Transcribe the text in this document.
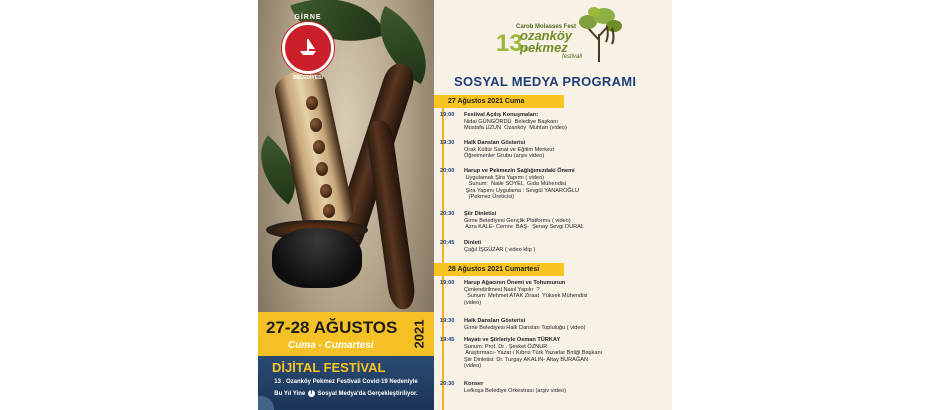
GİRNE
BELEDİYESİ
27-28 AĞUSTOS
Cuma - Cumartesi	2021
DİJİTAL FESTİVAL
13 . Ozanköy Pekmez Festivali Covid-19 Nedeniyle
Bu Yıl Yine f Sosyal Medya'da Gerçekleştiriliyor.
13.
Carob Molasses Fest
ozanköy
pekmez
festivali
SOSYAL MEDYA PROGRAMI
27 Ağustos 2021 Cuma
28 Ağustos 2021 Cumartesi
19:00	Festival Açılış Konuşmaları:
Nidai GÜNGÖRDÜ  Belediye Başkanı
Mustafa UZUN  Ozanköy  Muhtarı (video)
19:30	Halk Dansları Gösterisi
Orak Kültür Sanat ve Eğitim Merkezi
Öğretmenler Grubu (arşiv video)
20:00	Harup ve Pekmezin Sağlığımızdaki Önemi
Uygulamalı Şira Yapımı ( video)
Sunum:  Naile SOYEL  Gıda Mühendisi
Şira Yapımı Uygulama : Sevgül YANAROĞLU
(Pekmez Üreticisi)
20:30	Şiir Dinletisi
Girne Belediyesi Gençlik Platformu ( video)
Azra KALE- Cemre  BAŞ-  Şenay Sevgi DURAL
20:45	Dinleti
Çağıl İŞGÜZAR ( video klip )
19:00	Harup Ağacının Önemi ve Tohumunun
Çimlendirilmesi Nasıl Yapılır  ?
Sunum: Mehmet ATAK Ziraat  Yüksek Mühendisi
(video)
19:30	Halk Dansları Gösterisi
Girne Belediyesi Halk Dansları Topluluğu ( video)
19:45	Hayatı ve Şiirleriyle Osman TÜRKAY
Sunum: Prof. Dr . Şevket ÖZNUR
Araştırmacı- Yazar / Kıbrıs Türk Yazarlar Birliği Başkanı
Şiir Dinletisi: Dr. Turgay AKALIN- Altay BURAĞAN
(video)
20:30	Konser
Lefkoşa Belediye Orkestrası (arşiv video)
